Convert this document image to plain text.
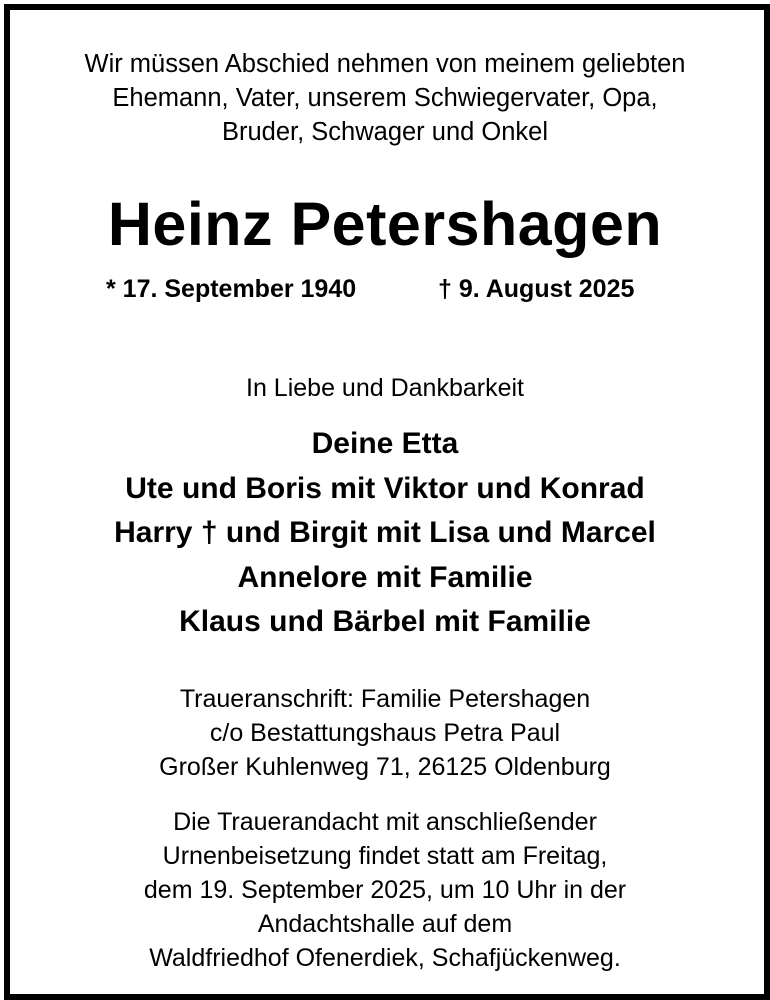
Wir müssen Abschied nehmen von meinem geliebten
Ehemann, Vater, unserem Schwiegervater, Opa,
Bruder, Schwager und Onkel
Heinz Petershagen
* 17. September 1940	† 9. August 2025
In Liebe und Dankbarkeit
Deine Etta
Ute und Boris mit Viktor und Konrad
Harry † und Birgit mit Lisa und Marcel
Annelore mit Familie
Klaus und Bärbel mit Familie
Traueranschrift: Familie Petershagen
c/o Bestattungshaus Petra Paul
Großer Kuhlenweg 71, 26125 Oldenburg
Die Trauerandacht mit anschließender
Urnenbeisetzung findet statt am Freitag,
dem 19. September 2025, um 10 Uhr in der
Andachtshalle auf dem
Waldfriedhof Ofenerdiek, Schafjückenweg.
